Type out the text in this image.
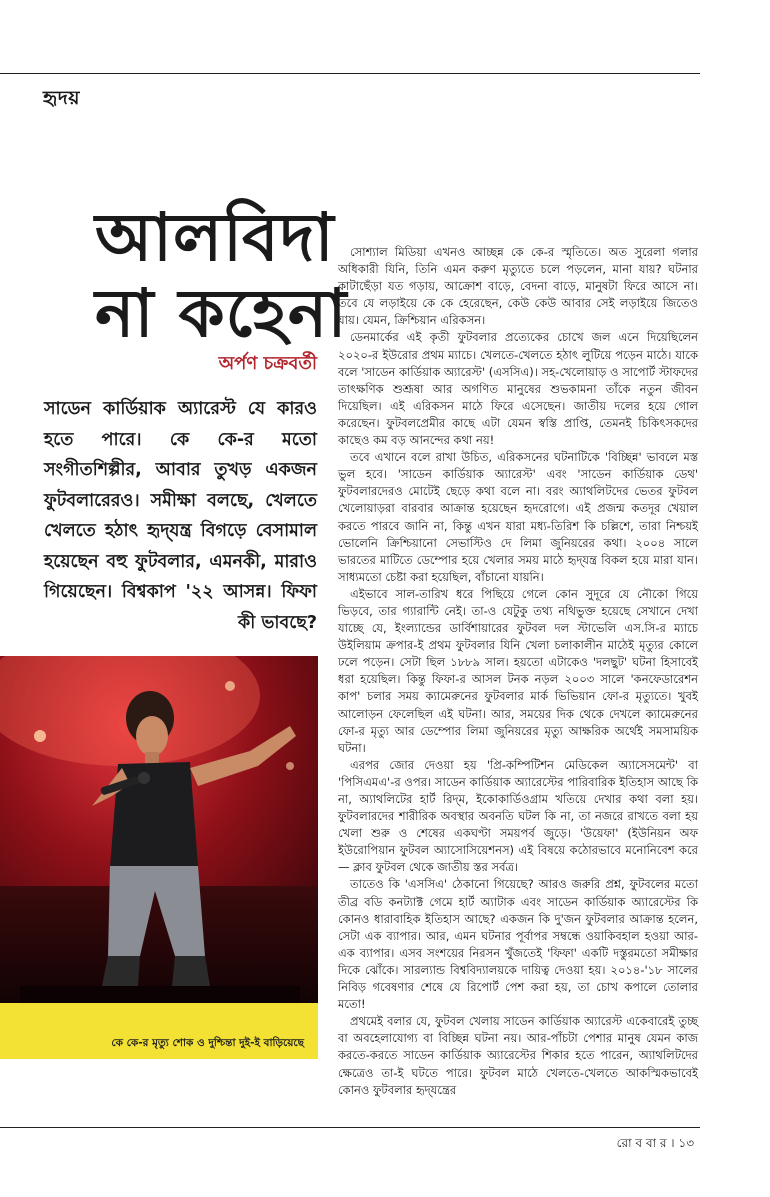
হৃদয়
আলবিদা
না কহেনা
অর্পণ চক্রবর্তী
সাডেন কার্ডিয়াক অ্যারেস্ট যে কারও হতে পারে। কে কে-র মতো সংগীতশিল্পীর, আবার তুখড় একজন ফুটবলারেরও। সমীক্ষা বলছে, খেলতে খেলতে হঠাৎ হৃদ্‌যন্ত্র বিগড়ে বেসামাল হয়েছেন বহু ফুটবলার, এমনকী, মারাও গিয়েছেন। বিশ্বকাপ '২২ আসন্ন। ফিফা কী ভাবছে?
কে কে-র মৃত্যু শোক ও দুশ্চিন্তা দুই-ই বাড়িয়েছে

সোশ্যাল মিডিয়া এখনও আচ্ছন্ন কে কে-র স্মৃতিতে। অত সুরেলা গলার অধিকারী যিনি, তিনি এমন করুণ মৃত্যুতে চলে পড়লেন, মানা যায়? ঘটনার কাটাছেঁড়া যত গড়ায়, আক্রোশ বাড়ে, বেদনা বাড়ে, মানুষটা ফিরে আসে না। তবে যে লড়াইয়ে কে কে হেরেছেন, কেউ কেউ আবার সেই লড়াইয়ে জিতেও যায়। যেমন, ক্রিশ্চিয়ান এরিকসন।

ডেনমার্কের এই কৃতী ফুটবলার প্রত্যেকের চোখে জল এনে দিয়েছিলেন ২০২০-র ইউরোর প্রথম ম্যাচে। খেলতে-খেলতে হঠাৎ লুটিয়ে পড়েন মাঠে। যাকে বলে 'সাডেন কার্ডিয়াক অ্যারেস্ট' (এসসিএ)। সহ-খেলোয়াড় ও সাপোর্ট স্টাফদের তাৎক্ষণিক শুশ্রূষা আর অগণিত মানুষের শুভকামনা তাঁকে নতুন জীবন দিয়েছিল। এই এরিকসন মাঠে ফিরে এসেছেন। জাতীয় দলের হয়ে গোল করেছেন। ফুটবলপ্রেমীর কাছে এটা যেমন স্বস্তি প্রাপ্তি, তেমনই চিকিৎসকদের কাছেও কম বড় আনন্দের কথা নয়!

তবে এখানে বলে রাখা উচিত, এরিকসনের ঘটনাটিকে 'বিচ্ছিন্ন' ভাবলে মস্ত ভুল হবে। 'সাডেন কার্ডিয়াক অ্যারেস্ট' এবং 'সাডেন কার্ডিয়াক ডেথ' ফুটবলারদেরও মোটেই ছেড়ে কথা বলে না। বরং অ্যাথলিটদের ভেতর ফুটবল খেলোয়াড়রা বারবার আক্রান্ত হয়েছেন হৃদরোগে। এই প্রজন্ম কতদূর খেয়াল করতে পারবে জানি না, কিন্তু এখন যারা মধ্য-তিরিশ কি চল্লিশে, তারা নিশ্চয়ই ভোলেনি ক্রিশ্চিয়ানো সেভাস্টিও দে লিমা জুনিয়রের কথা। ২০০৪ সালে ভারতের মাটিতে ডেম্পোর হয়ে খেলার সময় মাঠে হৃদ্‌যন্ত্র বিকল হয়ে মারা যান। সাধ্যমতো চেষ্টা করা হয়েছিল, বাঁচানো যায়নি।

এইভাবে সাল-তারিখ ধরে পিছিয়ে গেলে কোন সুদূরে যে নৌকো গিয়ে ভিড়বে, তার গ্যারান্টি নেই। তা-ও যেটুকু তথ্য নথিভুক্ত হয়েছে সেখানে দেখা যাচ্ছে যে, ইংল্যান্ডের ডার্বিশায়ারের ফুটবল দল স্টাভেলি এস.সি-র ম্যাচে উইলিয়াম ক্রপার-ই প্রথম ফুটবলার যিনি খেলা চলাকালীন মাঠেই মৃত্যুর কোলে ঢলে পড়েন। সেটা ছিল ১৮৮৯ সাল। হয়তো এটাকেও 'দলছুট' ঘটনা হিসাবেই ধরা হয়েছিল। কিন্তু ফিফা-র আসল টনক নড়ল ২০০৩ সালে 'কনফেডারেশন কাপ' চলার সময় ক্যামেরুনের ফুটবলার মার্ক ভিভিয়ান ফো-র মৃত্যুতে। খুবই আলোড়ন ফেলেছিল এই ঘটনা। আর, সময়ের দিক থেকে দেখলে ক্যামেরুনের ফো-র মৃত্যু আর ডেম্পোর লিমা জুনিয়রের মৃত্যু আক্ষরিক অর্থেই সমসাময়িক ঘটনা।

এরপর জোর দেওয়া হয় 'প্রি-কম্পিটিশন মেডিকেল অ্যাসেসমেন্ট' বা 'পিসিএমএ'-র ওপর। সাডেন কার্ডিয়াক অ্যারেস্টের পারিবারিক ইতিহাস আছে কি না, অ্যাথলিটের হার্ট রিদ্‌ম, ইকোকার্ডিওগ্রাম খতিয়ে দেখার কথা বলা হয়। ফুটবলারদের শারীরিক অবস্থার অবনতি ঘটল কি না, তা নজরে রাখতে বলা হয় খেলা শুরু ও শেষের একঘণ্টা সময়পর্ব জুড়ে। 'উয়েফা' (ইউনিয়ন অফ ইউরোপিয়ান ফুটবল অ্যাসোসিয়েশনস) এই বিষয়ে কঠোরভাবে মনোনিবেশ করে— ক্লাব ফুটবল থেকে জাতীয় স্তর সর্বত্র।

তাতেও কি 'এসসিএ' ঠেকানো গিয়েছে? আরও জরুরি প্রশ্ন, ফুটবলের মতো তীব্র বডি কনট্যাক্ট গেমে হার্ট অ্যাটাক এবং সাডেন কার্ডিয়াক অ্যারেস্টের কি কোনও ধারাবাহিক ইতিহাস আছে? একজন কি দু'জন ফুটবলার আক্রান্ত হলেন, সেটা এক ব্যাপার। আর, এমন ঘটনার পূর্বাপর সম্বন্ধে ওয়াকিবহাল হওয়া আর-এক ব্যাপার। এসব সংশয়ের নিরসন খুঁজতেই 'ফিফা' একটি দস্তুরমতো সমীক্ষার দিকে ঝোঁকে। সারল্যান্ড বিশ্ববিদ্যালয়কে দায়িত্ব দেওয়া হয়। ২০১৪-'১৮ সালের নিবিড় গবেষণার শেষে যে রিপোর্ট পেশ করা হয়, তা চোখ কপালে তোলার মতো!

প্রথমেই বলার যে, ফুটবল খেলায় সাডেন কার্ডিয়াক অ্যারেস্ট একেবারেই তুচ্ছ বা অবহেলাযোগ্য বা বিচ্ছিন্ন ঘটনা নয়। আর-পাঁচটা পেশার মানুষ যেমন কাজ করতে-করতে সাডেন কার্ডিয়াক অ্যারেস্টের শিকার হতে পারেন, অ্যাথলিটদের ক্ষেত্রেও তা-ই ঘটতে পারে। ফুটবল মাঠে খেলতে-খেলতে আকস্মিকভাবেই কোনও ফুটবলার হৃদ্‌যন্ত্রের

রো ব বা র । ১৩
